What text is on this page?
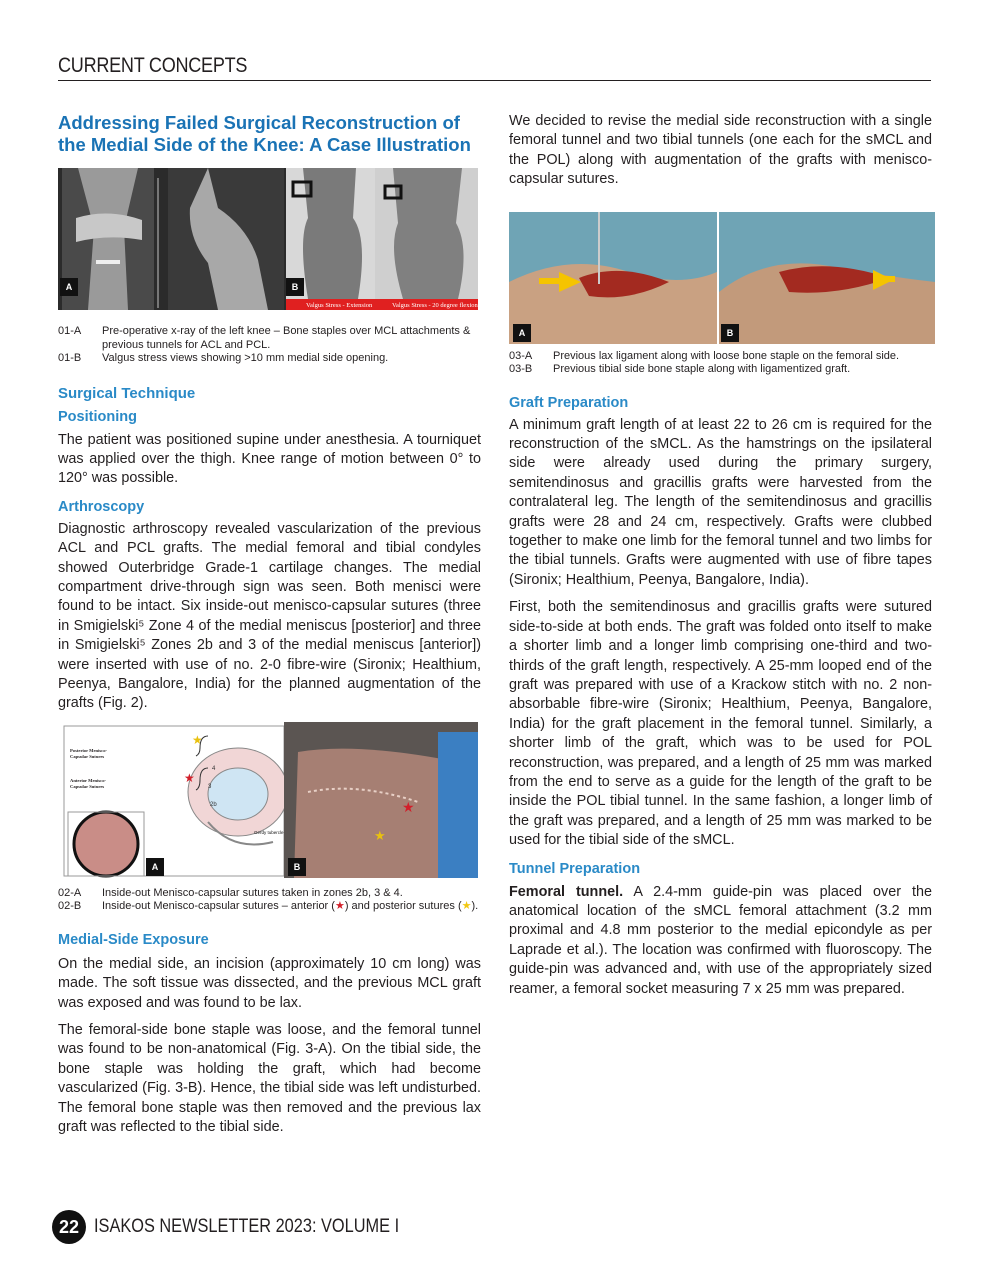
CURRENT CONCEPTS
Addressing Failed Surgical Reconstruction of the Medial Side of the Knee: A Case Illustration
Valgus Stress - Extension	Valgus Stress - 20 degree flexion
A	B
01-A	Pre-operative x-ray of the left knee – Bone staples over MCL attachments & previous tunnels for ACL and PCL.
01-B	Valgus stress views showing >10 mm medial side opening.
Surgical Technique
Positioning

The patient was positioned supine under anesthesia. A tourniquet was applied over the thigh. Knee range of motion between 0° to 120° was possible.

Arthroscopy

Diagnostic arthroscopy revealed vascularization of the previous ACL and PCL grafts. The medial femoral and tibial condyles showed Outerbridge Grade-1 cartilage changes. The medial compartment drive-through sign was seen. Both menisci were found to be intact. Six inside-out menisco-capsular sutures (three in Smigielski⁵ Zone 4 of the medial meniscus [posterior] and three in Smigielski⁵ Zones 2b and 3 of the medial meniscus [anterior]) were inserted with use of no. 2-0 fibre-wire (Sironix; Healthium, Peenya, Bangalore, India) for the planned augmentation of the grafts (Fig. 2).

★
★
4
3
2b
Gerdy tubercle
★
★
Posterior Menisco-Capsular Sutures
Anterior Menisco-Capsular Sutures
A	B
02-A	Inside-out Menisco-capsular sutures taken in zones 2b, 3 & 4.
02-B	Inside-out Menisco-capsular sutures – anterior (★) and posterior sutures (★).
Medial-Side Exposure

On the medial side, an incision (approximately 10 cm long) was made. The soft tissue was dissected, and the previous MCL graft was exposed and was found to be lax.

The femoral-side bone staple was loose, and the femoral tunnel was found to be non-anatomical (Fig. 3-A). On the tibial side, the bone staple was holding the graft, which had become vascularized (Fig. 3-B). Hence, the tibial side was left undisturbed. The femoral bone staple was then removed and the previous lax graft was reflected to the tibial side.

We decided to revise the medial side reconstruction with a single femoral tunnel and two tibial tunnels (one each for the sMCL and the POL) along with augmentation of the grafts with menisco-capsular sutures.

A	B
03-A	Previous lax ligament along with loose bone staple on the femoral side.
03-B	Previous tibial side bone staple along with ligamentized graft.
Graft Preparation

A minimum graft length of at least 22 to 26 cm is required for the reconstruction of the sMCL. As the hamstrings on the ipsilateral side were already used during the primary surgery, semitendinosus and gracillis grafts were harvested from the contralateral leg. The length of the semitendinosus and gracillis grafts were 28 and 24 cm, respectively. Grafts were clubbed together to make one limb for the femoral tunnel and two limbs for the tibial tunnels. Grafts were augmented with use of fibre tapes (Sironix; Healthium, Peenya, Bangalore, India).

First, both the semitendinosus and gracillis grafts were sutured side-to-side at both ends. The graft was folded onto itself to make a shorter limb and a longer limb comprising one-third and two-thirds of the graft length, respectively. A 25-mm looped end of the graft was prepared with use of a Krackow stitch with no. 2 non-absorbable fibre-wire (Sironix; Healthium, Peenya, Bangalore, India) for the graft placement in the femoral tunnel. Similarly, a shorter limb of the graft, which was to be used for POL reconstruction, was prepared, and a length of 25 mm was marked from the end to serve as a guide for the length of the graft to be inside the POL tibial tunnel. In the same fashion, a longer limb of the graft was prepared, and a length of 25 mm was marked to be used for the tibial side of the sMCL.

Tunnel Preparation

Femoral tunnel. A 2.4-mm guide-pin was placed over the anatomical location of the sMCL femoral attachment (3.2 mm proximal and 4.8 mm posterior to the medial epicondyle as per Laprade et al.). The location was confirmed with fluoroscopy. The guide-pin was advanced and, with use of the appropriately sized reamer, a femoral socket measuring 7 x 25 mm was prepared.

22 ISAKOS NEWSLETTER 2023: VOLUME I
